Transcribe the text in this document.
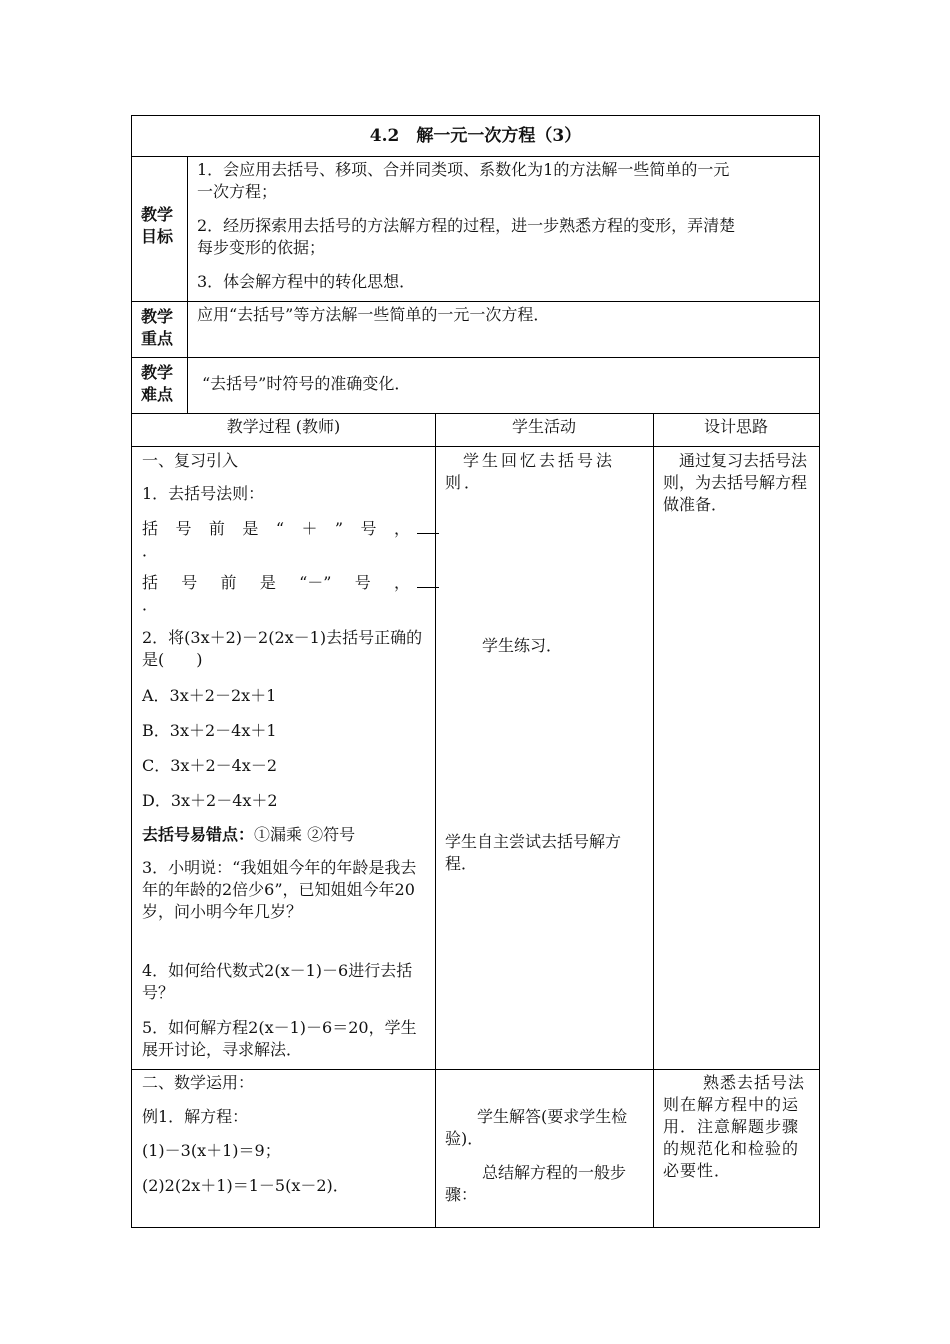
4.2　解一元一次方程（3）
教学目标
1．会应用去括号、移项、合并同类项、系数化为1的方法解一些简单的一元一次方程；
2．经历探索用去括号的方法解方程的过程，进一步熟悉方程的变形，弄清楚每步变形的依据；
3．体会解方程中的转化思想．
教学重点
应用“去括号”等方法解一些简单的一元一次方程．
教学难点
“去括号”时符号的准确变化．
教学过程 (教师)	学生活动	设计思路
一、复习引入
1．去括号法则：
括号前是“＋”号，
．
括号前是“－”号，
．
2．将(3x＋2)－2(2x－1)去括号正确的是(　　)
A．3x＋2－2x＋1
B．3x＋2－4x＋1
C．3x＋2－4x－2
D．3x＋2－4x＋2
去括号易错点：①漏乘 ②符号
3．小明说：“我姐姐今年的年龄是我去年的年龄的2倍少6”，已知姐姐今年20岁，问小明今年几岁？
4．如何给代数式2(x－1)－6进行去括号？
5．如何解方程2(x－1)－6＝20，学生展开讨论，寻求解法．
学生回忆去括号法则．
学生练习．
学生自主尝试去括号解方程．
通过复习去括号法则，为去括号解方程做准备．
二、数学运用：
例1．解方程：
(1)－3(x＋1)＝9；
(2)2(2x＋1)＝1－5(x－2)．
学生解答(要求学生检验)．
总结解方程的一般步骤：
熟悉去括号法则在解方程中的运用．注意解题步骤的规范化和检验的必要性．
